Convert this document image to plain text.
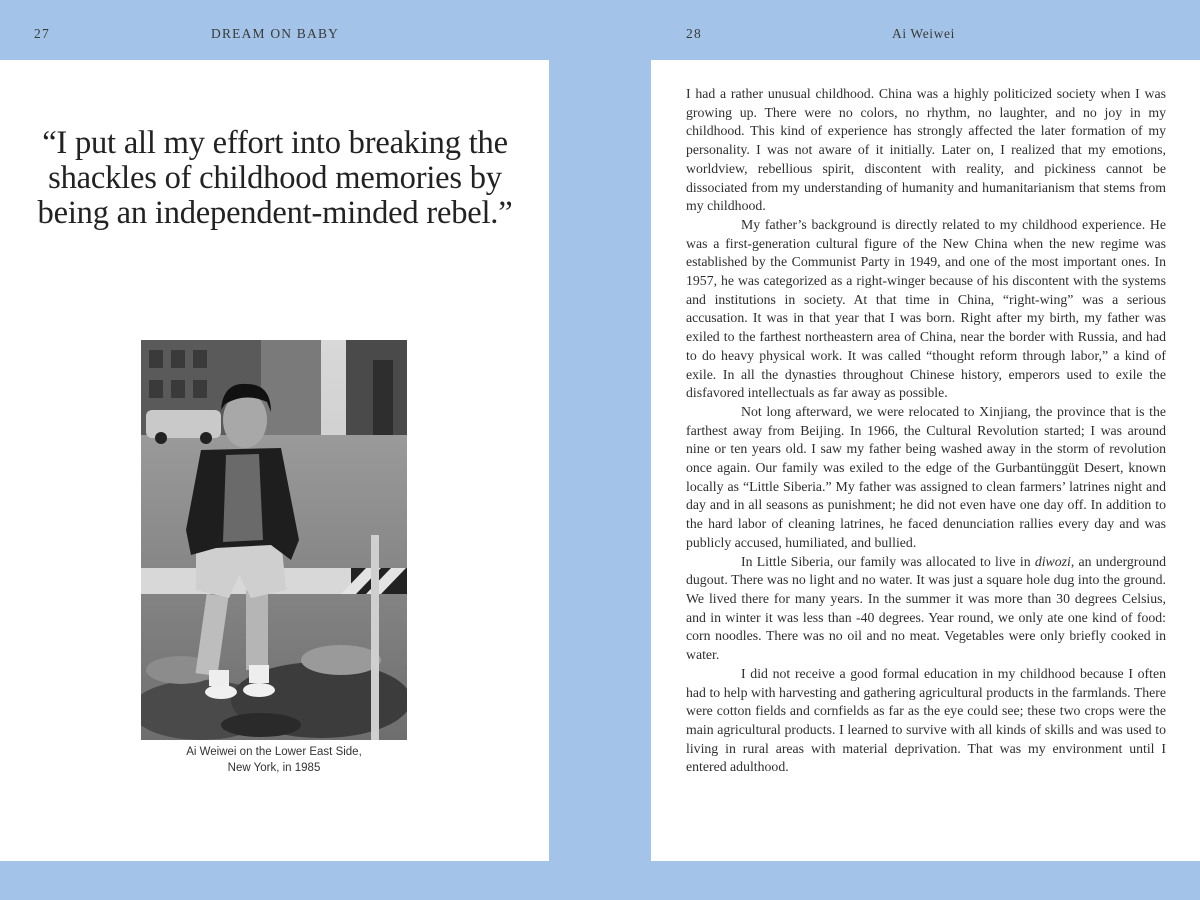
27	DREAM ON BABY	28	Ai Weiwei
“I put all my effort into breaking the shackles of childhood memories by being an independent-minded rebel.”
Ai Weiwei on the Lower East Side,
New York, in 1985

I had a rather unusual childhood. China was a highly politicized society when I was growing up. There were no colors, no rhythm, no laughter, and no joy in my childhood. This kind of experience has strongly affected the later formation of my personality. I was not aware of it initially. Later on, I realized that my emotions, worldview, rebellious spirit, discontent with reality, and pickiness cannot be dissociated from my understanding of humanity and humanitarianism that stems from my childhood.

My father’s background is directly related to my childhood experience. He was a first-generation cultural figure of the New China when the new regime was established by the Communist Party in 1949, and one of the most important ones. In 1957, he was categorized as a right-winger because of his discontent with the systems and institutions in society. At that time in China, “right-wing” was a serious accusation. It was in that year that I was born. Right after my birth, my father was exiled to the farthest northeastern area of China, near the border with Russia, and had to do heavy physical work. It was called “thought reform through labor,” a kind of exile. In all the dynasties throughout Chinese history, emperors used to exile the disfavored intellectuals as far away as possible.

Not long afterward, we were relocated to Xinjiang, the province that is the farthest away from Beijing. In 1966, the Cultural Revolution started; I was around nine or ten years old. I saw my father being washed away in the storm of revolution once again. Our family was exiled to the edge of the Gurbantünggüt Desert, known locally as “Little Siberia.” My father was assigned to clean farmers’ latrines night and day and in all seasons as punishment; he did not even have one day off. In addition to the hard labor of cleaning latrines, he faced denunciation rallies every day and was publicly accused, humiliated, and bullied.

In Little Siberia, our family was allocated to live in diwozi, an underground dugout. There was no light and no water. It was just a square hole dug into the ground. We lived there for many years. In the summer it was more than 30 degrees Celsius, and in winter it was less than -40 degrees. Year round, we only ate one kind of food: corn noodles. There was no oil and no meat. Vegetables were only briefly cooked in water.

I did not receive a good formal education in my childhood because I often had to help with harvesting and gathering agricultural products in the farmlands. There were cotton fields and cornfields as far as the eye could see; these two crops were the main agricultural products. I learned to survive with all kinds of skills and was used to living in rural areas with material deprivation. That was my environment until I entered adulthood.
